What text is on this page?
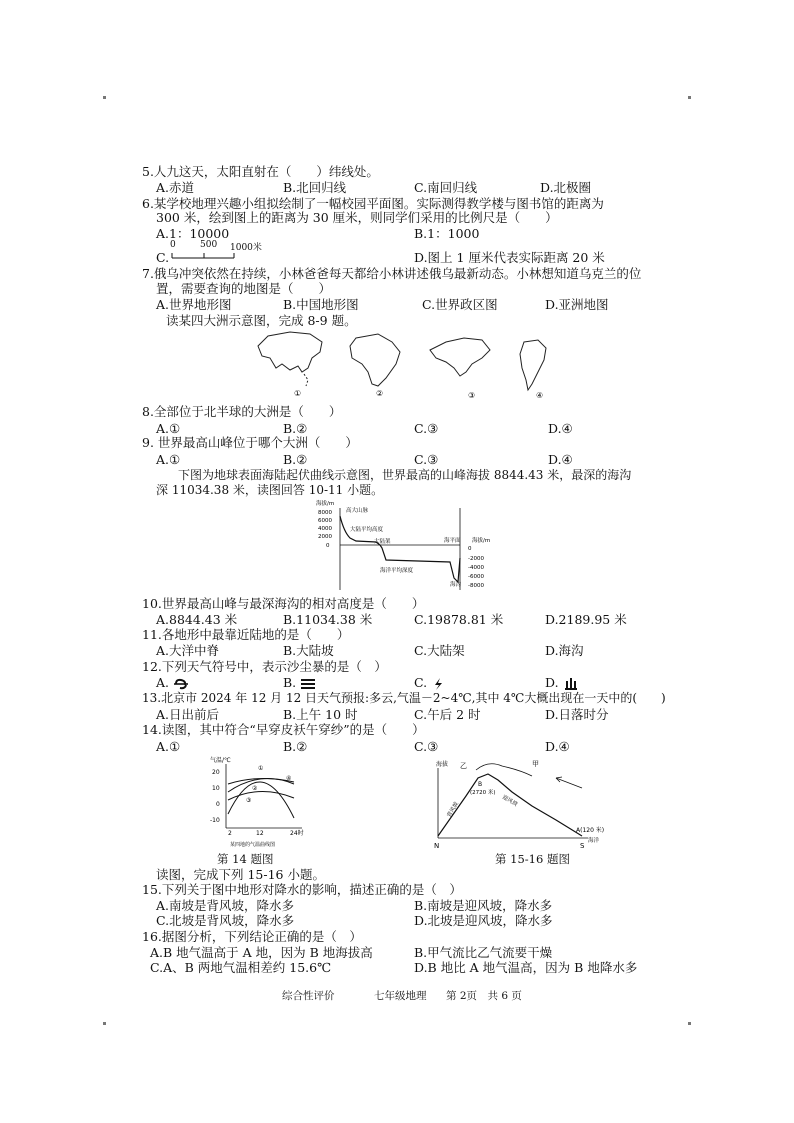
5.人九这天，太阳直射在（　　）纬线处。
A.赤道	B.北回归线	C.南回归线	D.北极圈
6.某学校地理兴趣小组拟绘制了一幅校园平面图。实际测得教学楼与图书馆的距离为
300 米，绘到图上的距离为 30 厘米，则同学们采用的比例尺是（　　）
A.1：10000	B.1：1000
C.
0	500 1000米
D.图上 1 厘米代表实际距离 20 米
7.俄乌冲突依然在持续，小林爸爸每天都给小林讲述俄乌最新动态。小林想知道乌克兰的位
置，需要查询的地图是（　　）
A.世界地形图	B.中国地形图	C.世界政区图	D.亚洲地图
读某四大洲示意图，完成 8-9 题。
①	②	③	④
8.全部位于北半球的大洲是（　　）
A.①	B.②	C.③	D.④
9. 世界最高山峰位于哪个大洲（　　）
A.①	B.②	C.③	D.④
下图为地球表面海陆起伏曲线示意图，世界最高的山峰海拔 8844.43 米，最深的海沟
深 11034.38 米，读图回答 10-11 小题。
海拔/m
8000
6000
4000
2000
0
高大山脉
大陆平均高度
大陆架	海平面
海洋平均深度
海沟
海拔/m
0
-2000
-4000
-6000
-8000
10.世界最高山峰与最深海沟的相对高度是（　　）
A.8844.43 米	B.11034.38 米	C.19878.81 米	D.2189.95 米
11.各地形中最靠近陆地的是（　　）
A.大洋中脊	B.大陆坡	C.大陆架	D.海沟
12.下列天气符号中，表示沙尘暴的是（　）
A.	B.	C.	D.
13.北京市 2024 年 12 月 12 日天气预报:多云,气温－2~4℃,其中 4℃大概出现在一天中的(　　)
A.日出前后	B.上午 10 时	C.午后 2 时	D.日落时分
14.读图，其中符合“早穿皮袄午穿纱”的是（　　）
A.①	B.②	C.③	D.④
气温/℃
20
10
0
-10
①
②
③
④
2	12	24时
某四地的气温曲线图
第 14 题图
海拔 乙	甲
B
(2720 米)
背风坡	迎风坡
A(120 米)
海洋
N	S
第 15-16 题图
读图，完成下列 15-16 小题。
15.下列关于图中地形对降水的影响，描述正确的是（　）
A.南坡是背风坡，降水多	B.南坡是迎风坡，降水多
C.北坡是背风坡，降水多	D.北坡是迎风坡，降水多
16.据图分析，下列结论正确的是（　）
A.B 地气温高于 A 地，因为 B 地海拔高	B.甲气流比乙气流要干燥
C.A、B 两地气温相差约 15.6℃	D.B 地比 A 地气温高，因为 B 地降水多
综合性评价	七年级地理 第 2页　共 6 页
